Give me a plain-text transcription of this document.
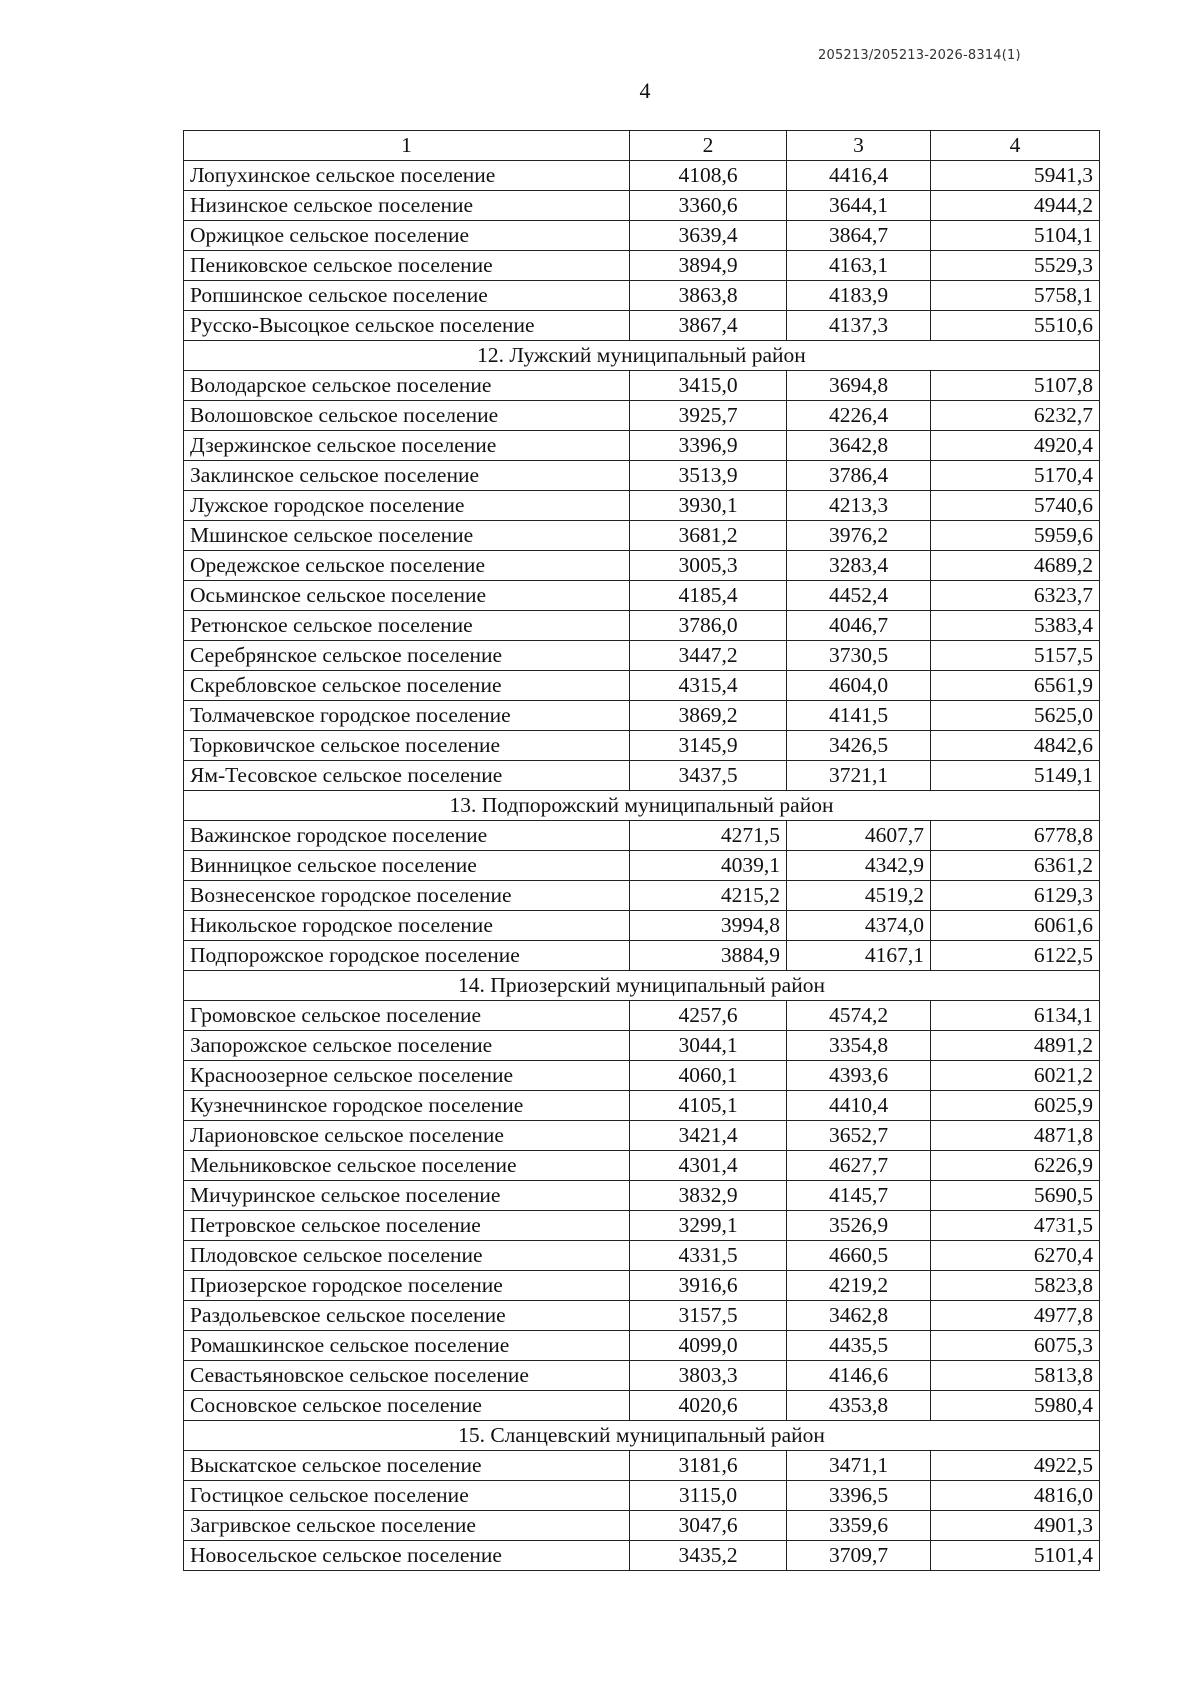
205213/205213-2026-8314(1)
4
1	2	3	4
Лопухинское сельское поселение	4108,6	4416,4	5941,3
Низинское сельское поселение	3360,6	3644,1	4944,2
Оржицкое сельское поселение	3639,4	3864,7	5104,1
Пениковское сельское поселение	3894,9	4163,1	5529,3
Ропшинское сельское поселение	3863,8	4183,9	5758,1
Русско-Высоцкое сельское поселение	3867,4	4137,3	5510,6
12. Лужский муниципальный район			
Володарское сельское поселение	3415,0	3694,8	5107,8
Волошовское сельское поселение	3925,7	4226,4	6232,7
Дзержинское сельское поселение	3396,9	3642,8	4920,4
Заклинское сельское поселение	3513,9	3786,4	5170,4
Лужское городское поселение	3930,1	4213,3	5740,6
Мшинское сельское поселение	3681,2	3976,2	5959,6
Оредежское сельское поселение	3005,3	3283,4	4689,2
Осьминское сельское поселение	4185,4	4452,4	6323,7
Ретюнское сельское поселение	3786,0	4046,7	5383,4
Серебрянское сельское поселение	3447,2	3730,5	5157,5
Скребловское сельское поселение	4315,4	4604,0	6561,9
Толмачевское городское поселение	3869,2	4141,5	5625,0
Торковичское сельское поселение	3145,9	3426,5	4842,6
Ям-Тесовское сельское поселение	3437,5	3721,1	5149,1
13. Подпорожский муниципальный район			
Важинское городское поселение	4271,5	4607,7	6778,8
Винницкое сельское поселение	4039,1	4342,9	6361,2
Вознесенское городское поселение	4215,2	4519,2	6129,3
Никольское городское поселение	3994,8	4374,0	6061,6
Подпорожское городское поселение	3884,9	4167,1	6122,5
14. Приозерский муниципальный район			
Громовское сельское поселение	4257,6	4574,2	6134,1
Запорожское сельское поселение	3044,1	3354,8	4891,2
Красноозерное сельское поселение	4060,1	4393,6	6021,2
Кузнечнинское городское поселение	4105,1	4410,4	6025,9
Ларионовское сельское поселение	3421,4	3652,7	4871,8
Мельниковское сельское поселение	4301,4	4627,7	6226,9
Мичуринское сельское поселение	3832,9	4145,7	5690,5
Петровское сельское поселение	3299,1	3526,9	4731,5
Плодовское сельское поселение	4331,5	4660,5	6270,4
Приозерское городское поселение	3916,6	4219,2	5823,8
Раздольевское сельское поселение	3157,5	3462,8	4977,8
Ромашкинское сельское поселение	4099,0	4435,5	6075,3
Севастьяновское сельское поселение	3803,3	4146,6	5813,8
Сосновское сельское поселение	4020,6	4353,8	5980,4
15. Сланцевский муниципальный район			
Выскатское сельское поселение	3181,6	3471,1	4922,5
Гостицкое сельское поселение	3115,0	3396,5	4816,0
Загривское сельское поселение	3047,6	3359,6	4901,3
Новосельское сельское поселение	3435,2	3709,7	5101,4
